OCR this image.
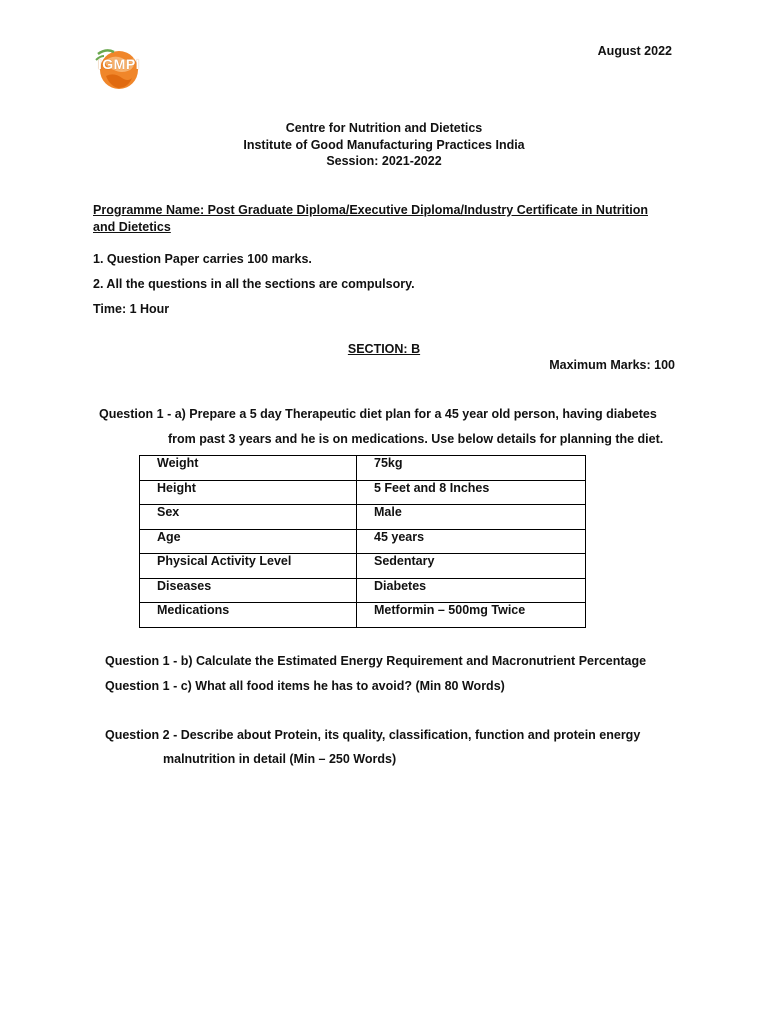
IGMPI
August 2022
Centre for Nutrition and Dietetics
Institute of Good Manufacturing Practices India
Session: 2021-2022
Programme Name: Post Graduate Diploma/Executive Diploma/Industry Certificate in Nutrition
and Dietetics
1. Question Paper carries 100 marks.
2. All the questions in all the sections are compulsory.
Time: 1 Hour
SECTION: B
Maximum Marks: 100
Question 1 - a) Prepare a 5 day Therapeutic diet plan for a 45 year old person, having diabetes
from past 3 years and he is on medications. Use below details for planning the diet.
Weight	75kg
Height	5 Feet and 8 Inches
Sex	Male
Age	45 years
Physical Activity Level	Sedentary
Diseases	Diabetes
Medications	Metformin – 500mg Twice
Question 1 - b) Calculate the Estimated Energy Requirement and Macronutrient Percentage
Question 1 - c) What all food items he has to avoid? (Min 80 Words)
Question 2 - Describe about Protein, its quality, classification, function and protein energy
malnutrition in detail (Min – 250 Words)
